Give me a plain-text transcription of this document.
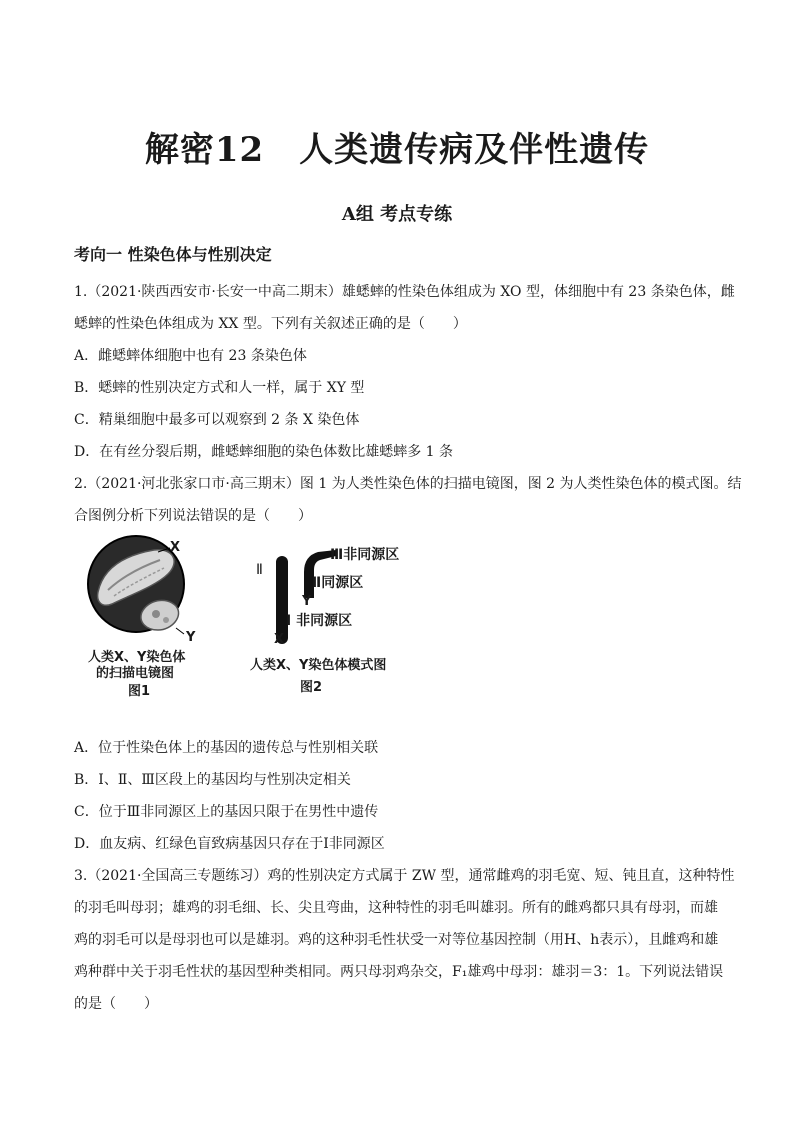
解密12　人类遗传病及伴性遗传
A组 考点专练
考向一 性染色体与性别决定
1.（2021·陕西西安市·长安一中高二期末）雄蟋蟀的性染色体组成为 XO 型，体细胞中有 23 条染色体，雌
蟋蟀的性染色体组成为 XX 型。下列有关叙述正确的是（　　）
A．雌蟋蟀体细胞中也有 23 条染色体
B．蟋蟀的性别决定方式和人一样，属于 XY 型
C．精巢细胞中最多可以观察到 2 条 X 染色体
D．在有丝分裂后期，雌蟋蟀细胞的染色体数比雄蟋蟀多 1 条
2.（2021·河北张家口市·高三期末）图 1 为人类性染色体的扫描电镜图，图 2 为人类性染色体的模式图。结
合图例分析下列说法错误的是（　　）
X
Y
人类X、Y染色体
的扫描电镜图
图1
Ⅱ
Ⅲ非同源区
Ⅱ同源区
Y
Ⅰ 非同源区
X
人类X、Y染色体模式图
图2
A．位于性染色体上的基因的遗传总与性别相关联
B．Ⅰ、Ⅱ、Ⅲ区段上的基因均与性别决定相关
C．位于Ⅲ非同源区上的基因只限于在男性中遗传
D．血友病、红绿色盲致病基因只存在于Ⅰ非同源区
3.（2021·全国高三专题练习）鸡的性别决定方式属于 ZW 型，通常雌鸡的羽毛宽、短、钝且直，这种特性
的羽毛叫母羽；雄鸡的羽毛细、长、尖且弯曲，这种特性的羽毛叫雄羽。所有的雌鸡都只具有母羽，而雄
鸡的羽毛可以是母羽也可以是雄羽。鸡的这种羽毛性状受一对等位基因控制（用H、h表示），且雌鸡和雄
鸡种群中关于羽毛性状的基因型种类相同。两只母羽鸡杂交，F₁雄鸡中母羽：雄羽＝3：1。下列说法错误
的是（　　）
